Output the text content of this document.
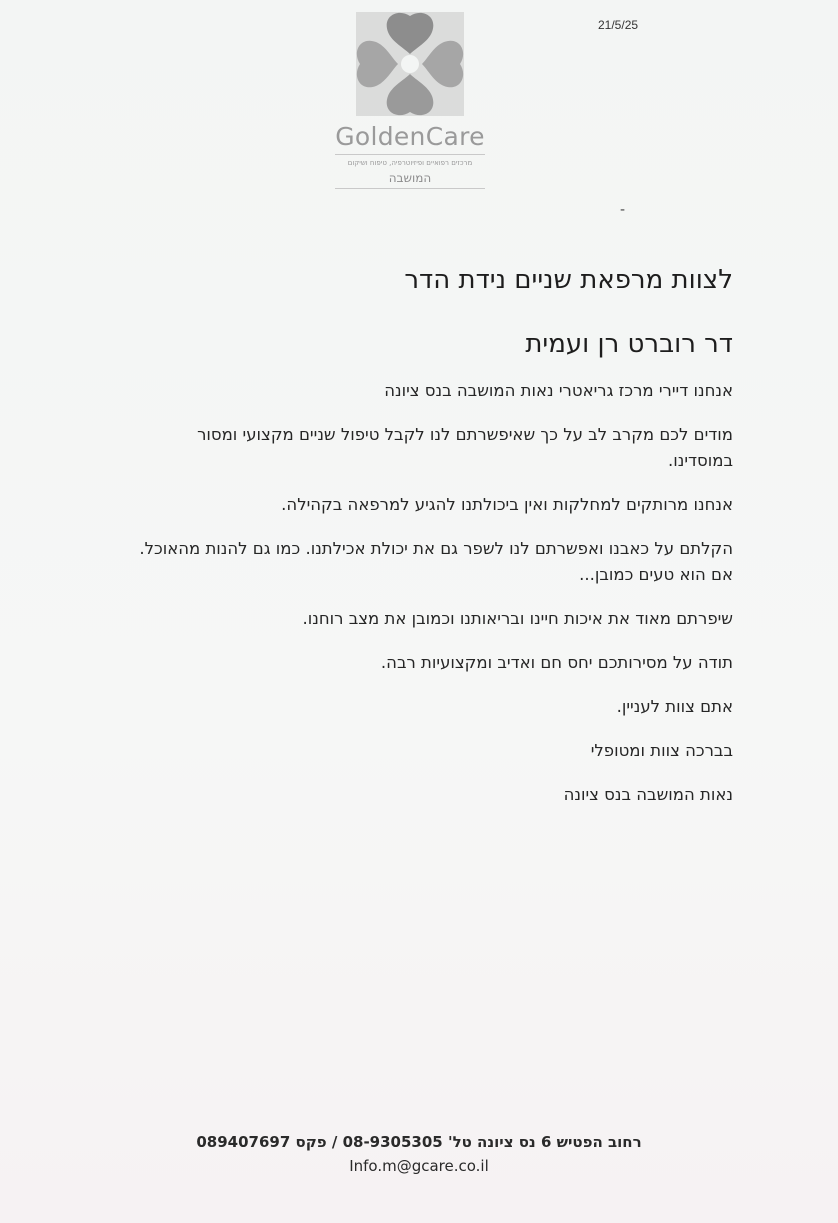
21/5/25
GoldenCare
מרכזים רפואיים ופיזיוטרפיה, טיפוח ושיקום
המושבה
-

לצוות מרפאת שניים נידת הדר

דר רוברט רן ועמית

אנחנו דיירי מרכז גריאטרי נאות המושבה בנס ציונה

מודים לכם מקרב לב על כך שאיפשרתם לנו לקבל טיפול שניים מקצועי ומסור

במוסדינו.

אנחנו מרותקים למחלקות ואין ביכולתנו להגיע למרפאה בקהילה.

הקלתם על כאבנו ואפשרתם לנו לשפר גם את יכולת אכילתנו. כמו גם להנות מהאוכל.

אם הוא טעים כמובן...

שיפרתם מאוד את איכות חיינו ובריאותנו וכמובן את מצב רוחנו.

תודה על מסירותכם יחס חם ואדיב ומקצועיות רבה.

אתם צוות לעניין.

בברכה צוות ומטופלי

נאות המושבה בנס ציונה

רחוב הפטיש 6 נס ציונה טל' 08-9305305 / פקס 089407697
Info.m@gcare.co.il
